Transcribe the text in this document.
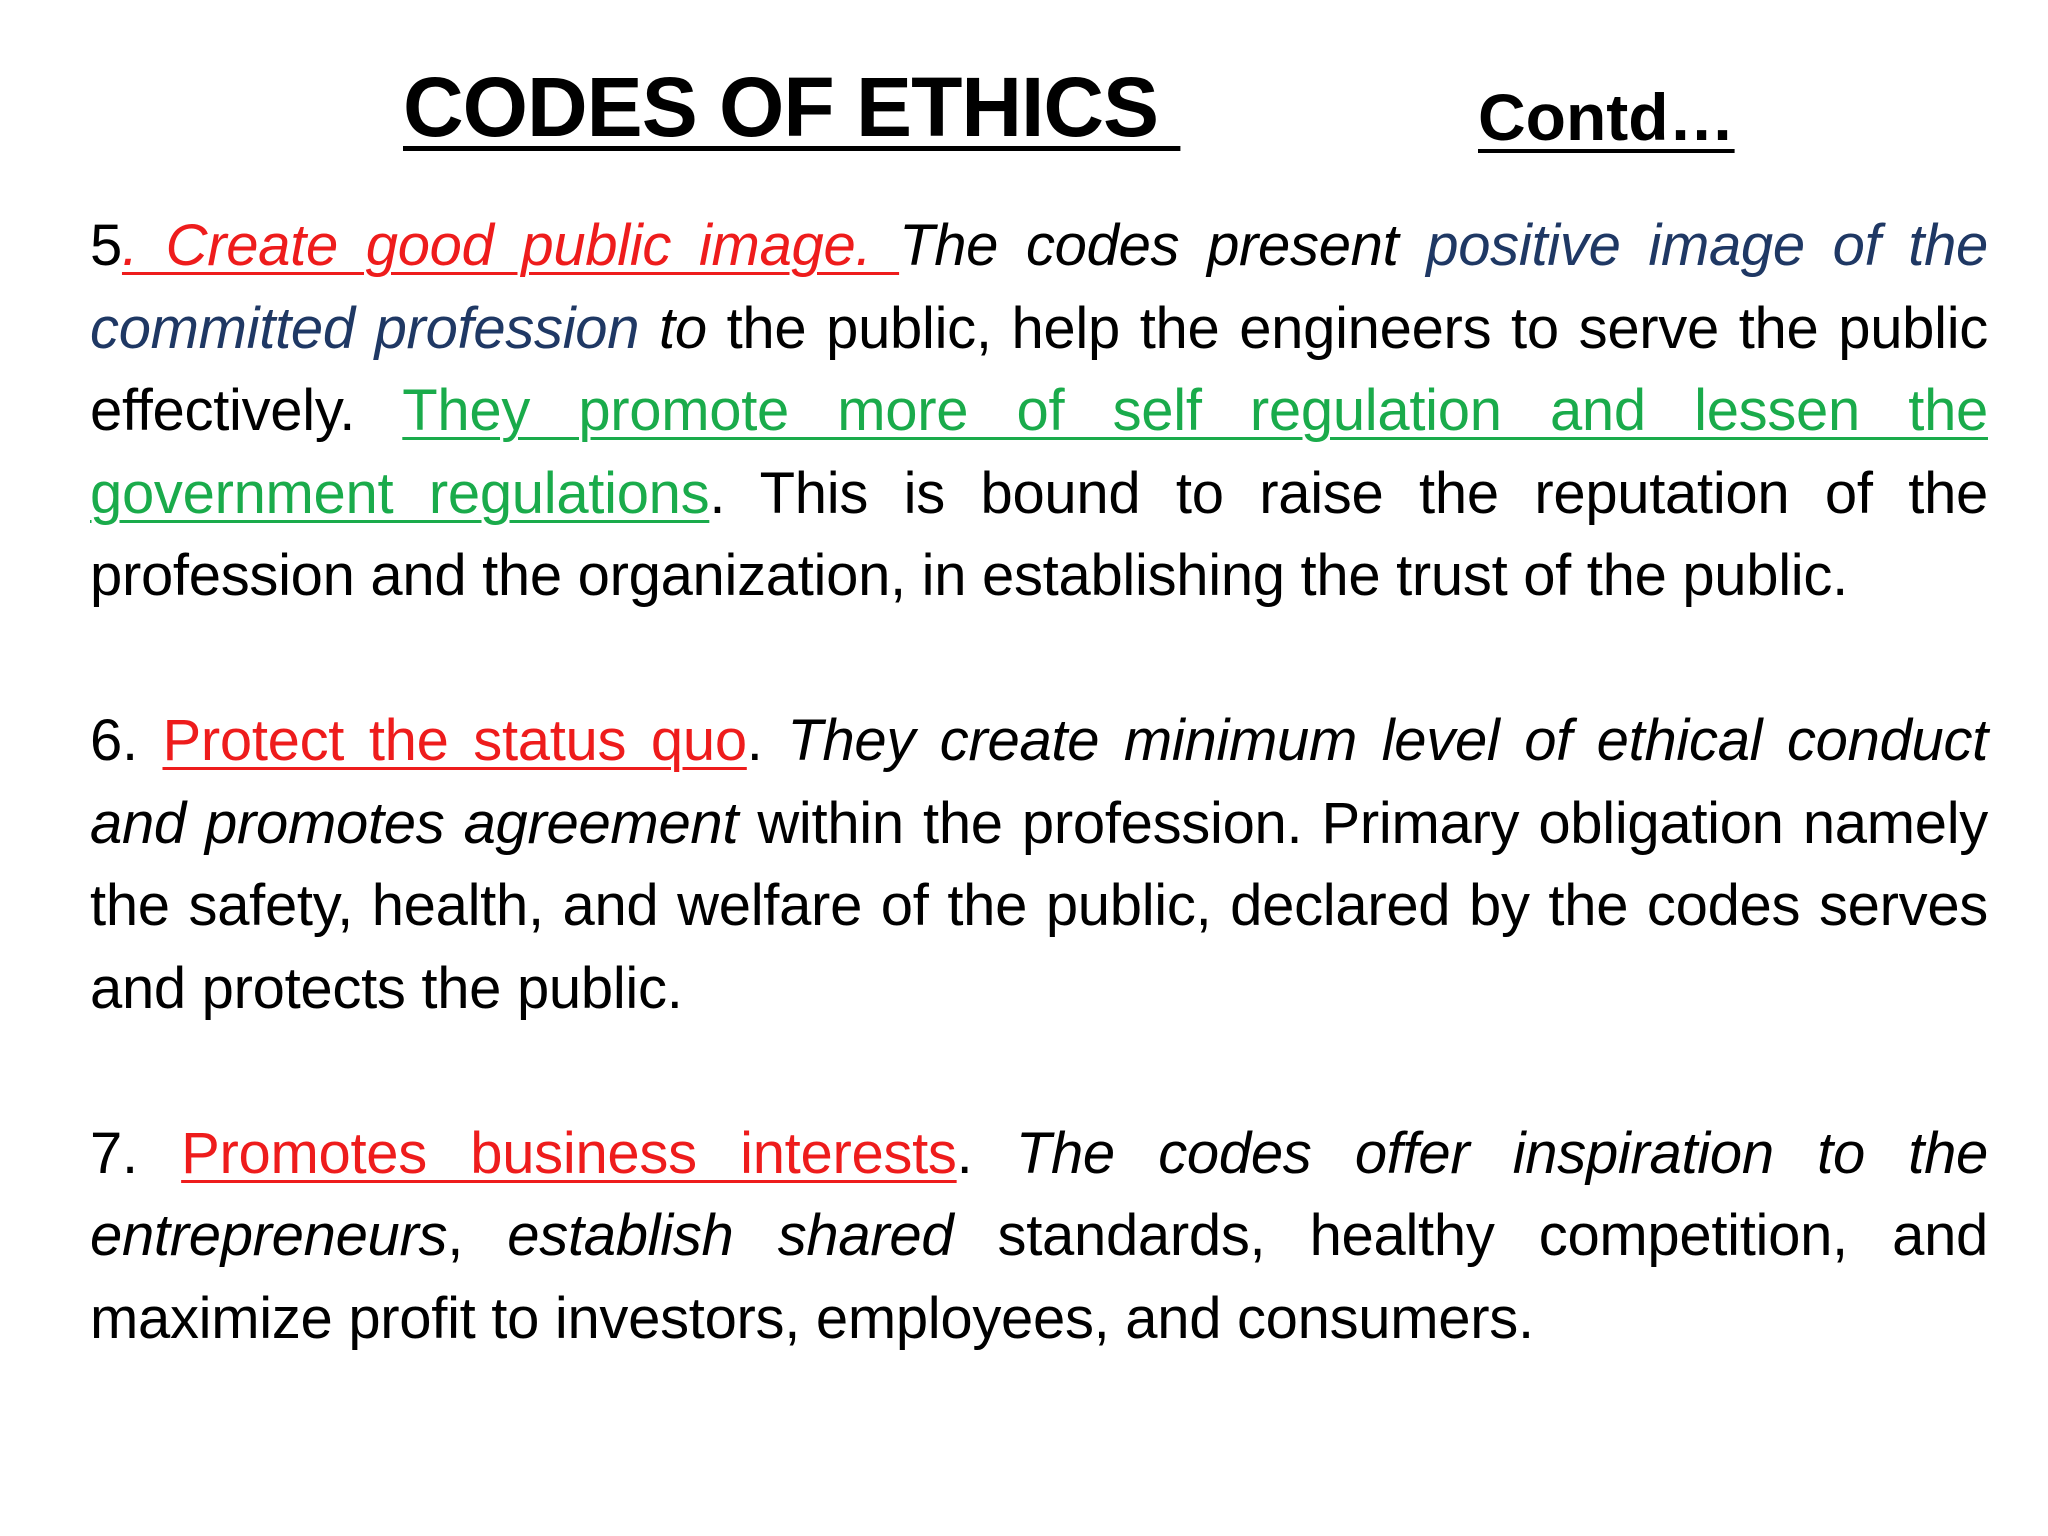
CODES OF ETHICS	Contd…

5. Create good public image. The codes present positive image of the committed profession to the public, help the engineers to serve the public effectively. They promote more of self regulation and lessen the government regulations. This is bound to raise the reputation of the profession and the organization, in establishing the trust of the public.

6. Protect the status quo. They create minimum level of ethical conduct and promotes agreement within the profession. Primary obligation namely the safety, health, and welfare of the public, declared by the codes serves and protects the public.

7. Promotes business interests. The codes offer inspiration to the entrepreneurs, establish shared standards, healthy competition, and maximize profit to investors, employees, and consumers.
